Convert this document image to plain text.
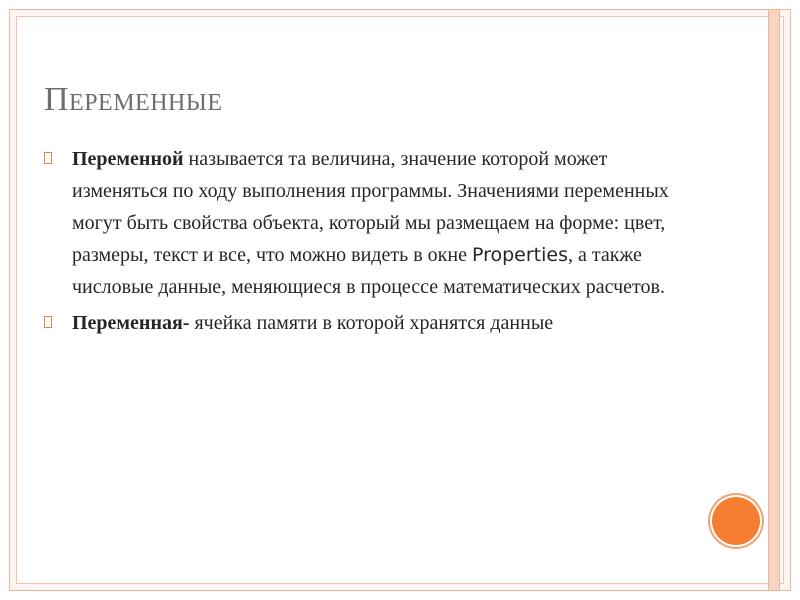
Переменные
Переменной называется та величина, значение которой может изменяться по ходу выполнения программы. Значениями переменных могут быть свойства объекта, который мы размещаем на форме: цвет, размеры, текст и все, что можно видеть в окне Properties, а также числовые данные, меняющиеся в процессе математических расчетов.
Переменная- ячейка памяти в которой хранятся данные
